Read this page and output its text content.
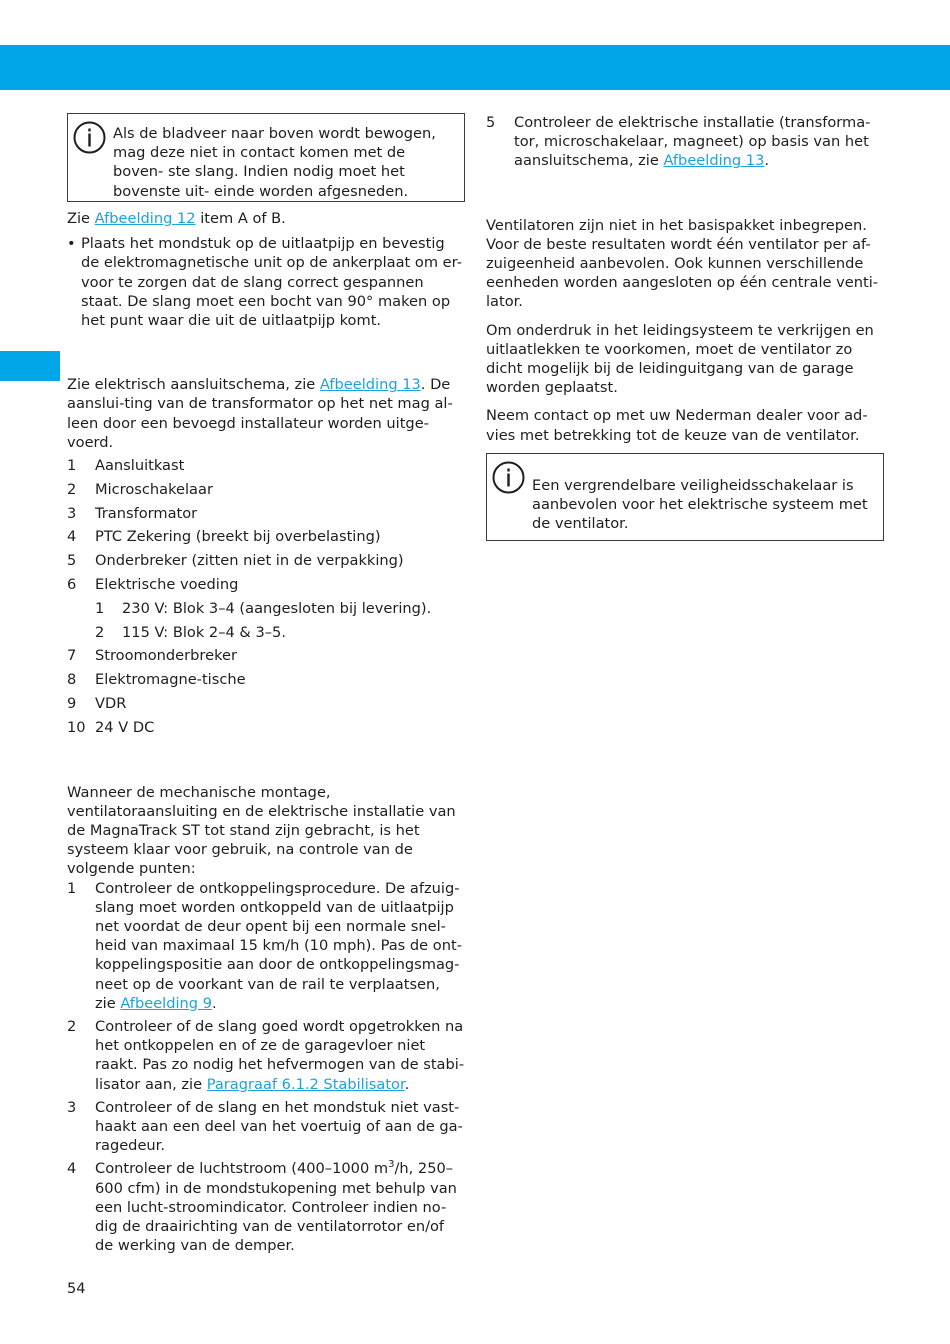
Als de bladveer naar boven wordt bewogen, mag deze niet in contact komen met de boven- ste slang. Indien nodig moet het bovenste uit- einde worden afgesneden.

Zie Afbeelding 12 item A of B.

• Plaats het mondstuk op de uitlaatpijp en bevestig de elektromagnetische unit op de ankerplaat om er- voor te zorgen dat de slang correct gespannen staat. De slang moet een bocht van 90° maken op het punt waar die uit de uitlaatpijp komt.

Zie elektrisch aansluitschema, zie Afbeelding 13. De aanslui-ting van de transformator op het net mag al- leen door een bevoegd installateur worden uitge- voerd.

1 Aansluitkast
2 Microschakelaar
3 Transformator
4 PTC Zekering (breekt bij overbelasting)
5 Onderbreker (zitten niet in de verpakking)
6 Elektrische voeding
1 230 V: Blok 3–4 (aangesloten bij levering).
2 115 V: Blok 2–4 & 3–5.
7 Stroomonderbreker
8 Elektromagne-tische
9 VDR
10 24 V DC

Wanneer de mechanische montage, ventilatoraansluiting en de elektrische installatie van de MagnaTrack ST tot stand zijn gebracht, is het systeem klaar voor gebruik, na controle van de volgende punten:

1 Controleer de ontkoppelingsprocedure. De afzuig- slang moet worden ontkoppeld van de uitlaatpijp net voordat de deur opent bij een normale snel- heid van maximaal 15 km/h (10 mph). Pas de ont- koppelingspositie aan door de ontkoppelingsmag- neet op de voorkant van de rail te verplaatsen, zie Afbeelding 9.
2 Controleer of de slang goed wordt opgetrokken na het ontkoppelen en of ze de garagevloer niet raakt. Pas zo nodig het hefvermogen van de stabi- lisator aan, zie Paragraaf 6.1.2 Stabilisator.
3 Controleer of de slang en het mondstuk niet vast- haakt aan een deel van het voertuig of aan de ga- ragedeur.
4 Controleer de luchtstroom (400–1000 $m^3/h$, 250–600 cfm) in de mondstukopening met behulp van een lucht-stroomindicator. Controleer indien no- dig de draairichting van de ventilatorrotor en/of de werking van de demper.
5 Controleer de elektrische installatie (transforma- tor, microschakelaar, magneet) op basis van het aansluitschema, zie Afbeelding 13.

Ventilatoren zijn niet in het basispakket inbegrepen. Voor de beste resultaten wordt één ventilator per af- zuigeenheid aanbevolen. Ook kunnen verschillende eenheden worden aangesloten op één centrale venti- lator.

Om onderdruk in het leidingsysteem te verkrijgen en uitlaatlekken te voorkomen, moet de ventilator zo dicht mogelijk bij de leidinguitgang van de garage worden geplaatst.

Neem contact op met uw Nederman dealer voor ad- vies met betrekking tot de keuze van de ventilator.

Een vergrendelbare veiligheidsschakelaar is aanbevolen voor het elektrische systeem met de ventilator.

54
